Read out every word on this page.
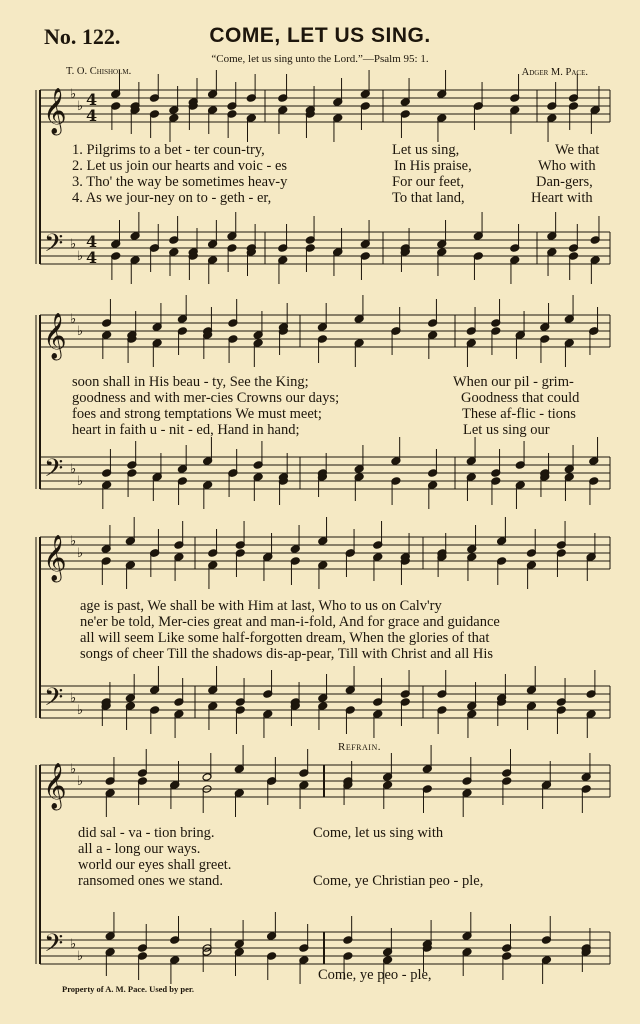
𝄞
𝄢
♭
♭
♭
♭
4
4
4
4
𝄞
𝄢
♭
♭
♭
♭
𝄞
𝄢
♭
♭
♭
♭
𝄞
𝄢
♭
♭
♭
♭
No. 122.	COME, LET US SING.
“Come, let us sing unto the Lord.”—Psalm 95: 1.
T. O. Chisholm.	Adger M. Pace.
Refrain.
1. Pilgrims to a bet - ter coun-try,	Let us sing,	We that
2. Let us join our hearts and voic - es	In His praise,	Who with
3. Tho' the way be sometimes heav-y	For our feet,	Dan-gers,
4. As we jour-ney on to - geth - er,	To that land,	Heart with
soon shall in His beau - ty, See the King;	When our pil - grim-
goodness and with mer-cies Crowns our days;	Goodness that could
foes and strong temptations We must meet;	These af-flic - tions
heart in faith u - nit - ed, Hand in hand;	Let us sing our
age is past, We shall be with Him at last, Who to us on Calv'ry
ne'er be told, Mer-cies great and man-i-fold, And for grace and guidance
all will seem Like some half-forgotten dream, When the glories of that
songs of cheer Till the shadows dis-ap-pear, Till with Christ and all His
did sal - va - tion bring.	Come, let us sing with
all a - long our ways.
world our eyes shall greet.
ransomed ones we stand.	Come, ye Christian peo - ple,
Come, ye peo - ple,
Property of A. M. Pace. Used by per.
